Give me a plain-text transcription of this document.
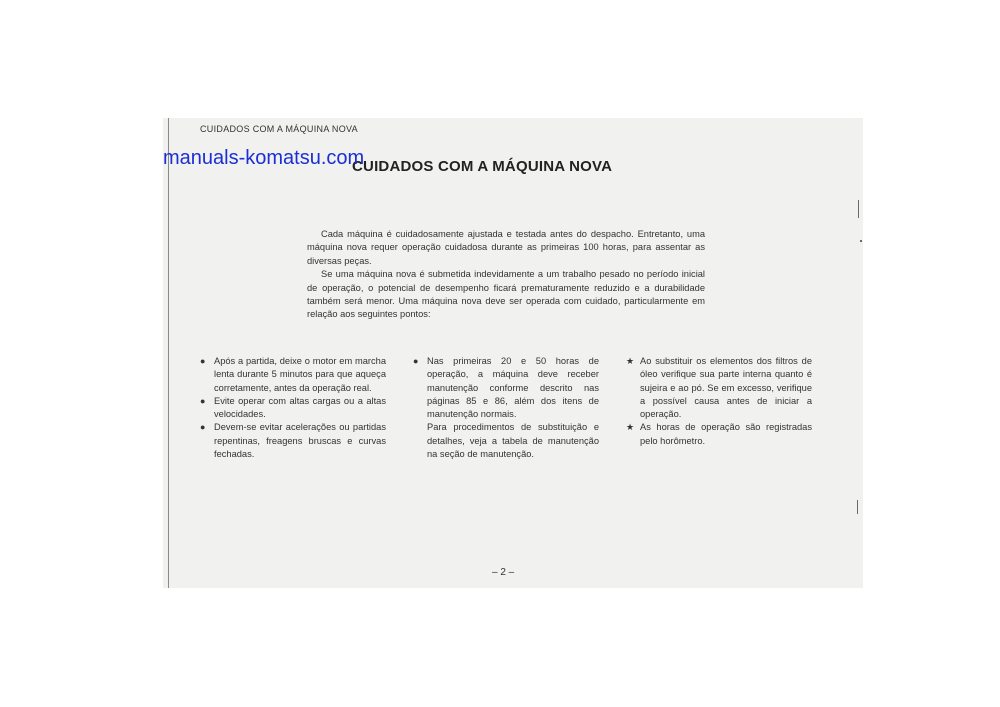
CUIDADOS COM A MÁQUINA NOVA
manuals-komatsu.com
CUIDADOS COM A MÁQUINA NOVA

Cada máquina é cuidadosamente ajustada e testada antes do despacho. Entretanto, uma máquina nova requer operação cuidadosa durante as primeiras 100 horas, para assentar as diversas peças.

Se uma máquina nova é submetida indevidamente a um trabalho pesado no período inicial de operação, o potencial de desempenho ficará prematuramente reduzido e a durabilidade também será menor. Uma máquina nova deve ser operada com cuidado, particularmente em relação aos seguintes pontos:

● Após a partida, deixe o motor em marcha lenta durante 5 minutos para que aqueça corretamente, antes da operação real.
● Evite operar com altas cargas ou a altas velocidades.
● Devem-se evitar acelerações ou partidas repentinas, freagens bruscas e curvas fechadas.
● Nas primeiras 20 e 50 horas de operação, a máquina deve receber manutenção conforme descrito nas páginas 85 e 86, além dos itens de manutenção normais.
Para procedimentos de substituição e detalhes, veja a tabela de manutenção na seção de manutenção.
★ Ao substituir os elementos dos filtros de óleo verifique sua parte interna quanto é sujeira e ao pó. Se em excesso, verifique a possível causa antes de iniciar a operação.
★ As horas de operação são registradas pelo horômetro.
– 2 –
